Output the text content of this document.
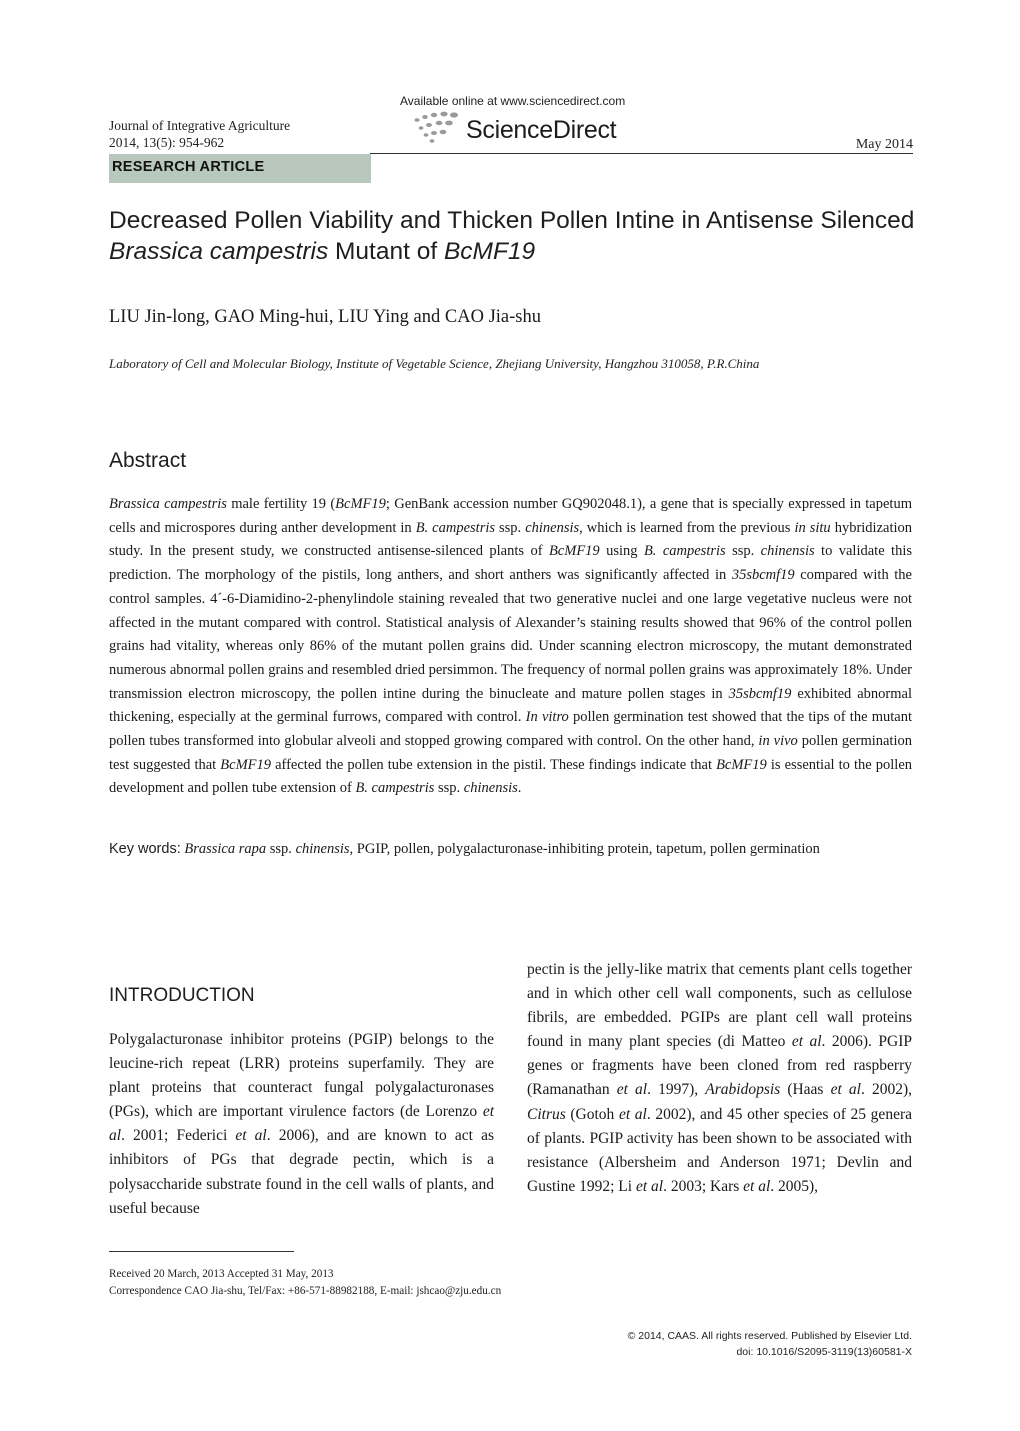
Available online at www.sciencedirect.com
Journal of Integrative Agriculture
2014, 13(5): 954-962	ScienceDirect
May 2014
RESEARCH ARTICLE
Decreased Pollen Viability and Thicken Pollen Intine in Antisense Silenced Brassica campestris Mutant of BcMF19
LIU Jin-long, GAO Ming-hui, LIU Ying and CAO Jia-shu
Laboratory of Cell and Molecular Biology, Institute of Vegetable Science, Zhejiang University, Hangzhou 310058, P.R.China
Abstract
Brassica campestris male fertility 19 (BcMF19; GenBank accession number GQ902048.1), a gene that is specially expressed in tapetum cells and microspores during anther development in B. campestris ssp. chinensis, which is learned from the previous in situ hybridization study. In the present study, we constructed antisense-silenced plants of BcMF19 using B. campestris ssp. chinensis to validate this prediction. The morphology of the pistils, long anthers, and short anthers was significantly affected in 35sbcmf19 compared with the control samples. 4´-6-Diamidino-2-phenylindole staining revealed that two generative nuclei and one large vegetative nucleus were not affected in the mutant compared with control. Statistical analysis of Alexander’s staining results showed that 96% of the control pollen grains had vitality, whereas only 86% of the mutant pollen grains did. Under scanning electron microscopy, the mutant demonstrated numerous abnormal pollen grains and resembled dried persimmon. The frequency of normal pollen grains was approximately 18%. Under transmission electron microscopy, the pollen intine during the binucleate and mature pollen stages in 35sbcmf19 exhibited abnormal thickening, especially at the germinal furrows, compared with control. In vitro pollen germination test showed that the tips of the mutant pollen tubes transformed into globular alveoli and stopped growing compared with control. On the other hand, in vivo pollen germination test suggested that BcMF19 affected the pollen tube extension in the pistil. These findings indicate that BcMF19 is essential to the pollen development and pollen tube extension of B. campestris ssp. chinensis.
Key words: Brassica rapa ssp. chinensis, PGIP, pollen, polygalacturonase-inhibiting protein, tapetum, pollen germination
INTRODUCTION

Polygalacturonase inhibitor proteins (PGIP) belongs to the leucine-rich repeat (LRR) proteins superfamily. They are plant proteins that counteract fungal polygalacturonases (PGs), which are important virulence factors (de Lorenzo et al. 2001; Federici et al. 2006), and are known to act as inhibitors of PGs that degrade pectin, which is a polysaccharide substrate found in the cell walls of plants, and useful because

pectin is the jelly-like matrix that cements plant cells together and in which other cell wall components, such as cellulose fibrils, are embedded. PGIPs are plant cell wall proteins found in many plant species (di Matteo et al. 2006). PGIP genes or fragments have been cloned from red raspberry (Ramanathan et al. 1997), Arabidopsis (Haas et al. 2002), Citrus (Gotoh et al. 2002), and 45 other species of 25 genera of plants. PGIP activity has been shown to be associated with resistance (Albersheim and Anderson 1971; Devlin and Gustine 1992; Li et al. 2003; Kars et al. 2005),

Received 20 March, 2013 Accepted 31 May, 2013
Correspondence CAO Jia-shu, Tel/Fax: +86-571-88982188, E-mail: jshcao@zju.edu.cn
© 2014, CAAS. All rights reserved. Published by Elsevier Ltd.
doi: 10.1016/S2095-3119(13)60581-X
